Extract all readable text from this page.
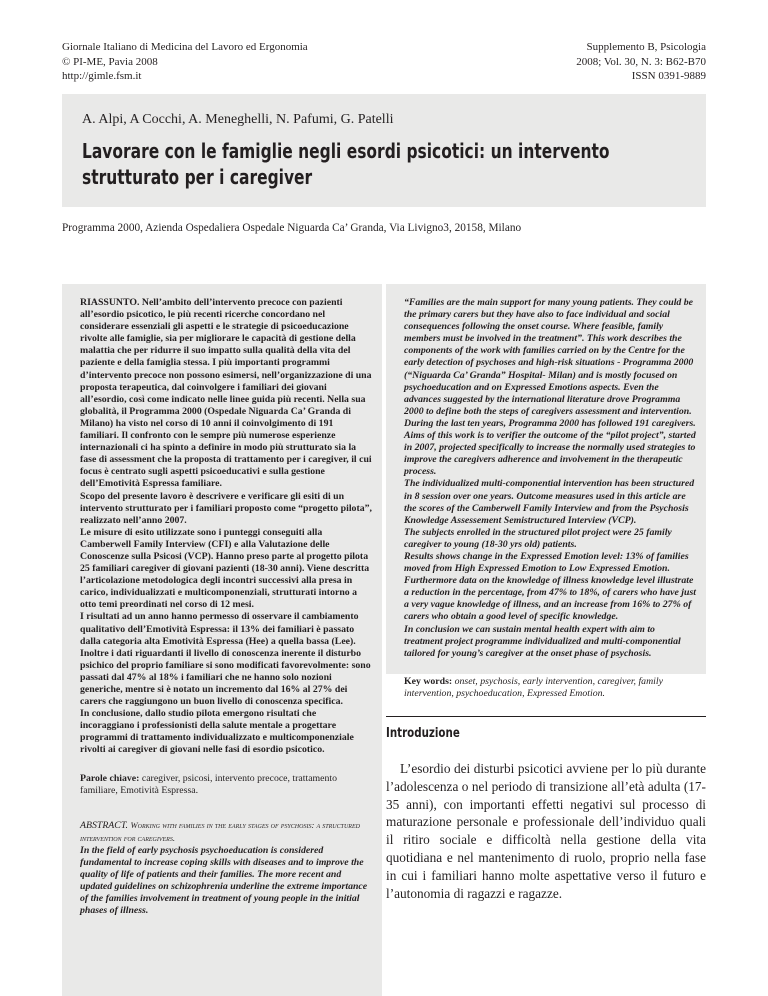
Giornale Italiano di Medicina del Lavoro ed Ergonomia
© PI-ME, Pavia 2008
http://gimle.fsm.it
Supplemento B, Psicologia
2008; Vol. 30, N. 3: B62-B70
ISSN 0391-9889
A. Alpi, A Cocchi, A. Meneghelli, N. Pafumi, G. Patelli
Lavorare con le famiglie negli esordi psicotici: un intervento strutturato per i caregiver
Programma 2000, Azienda Ospedaliera Ospedale Niguarda Ca’ Granda, Via Livigno3, 20158, Milano

RIASSUNTO. Nell’ambito dell’intervento precoce con pazienti all’esordio psicotico, le più recenti ricerche concordano nel considerare essenziali gli aspetti e le strategie di psicoeducazione rivolte alle famiglie, sia per migliorare le capacità di gestione della malattia che per ridurre il suo impatto sulla qualità della vita del paziente e della famiglia stessa. I più importanti programmi d’intervento precoce non possono esimersi, nell’organizzazione di una proposta terapeutica, dal coinvolgere i familiari dei giovani all’esordio, così come indicato nelle linee guida più recenti. Nella sua globalità, il Programma 2000 (Ospedale Niguarda Ca’ Granda di Milano) ha visto nel corso di 10 anni il coinvolgimento di 191 familiari. Il confronto con le sempre più numerose esperienze internazionali ci ha spinto a definire in modo più strutturato sia la fase di assessment che la proposta di trattamento per i caregiver, il cui focus è centrato sugli aspetti psicoeducativi e sulla gestione dell’Emotività Espressa familiare.

Scopo del presente lavoro è descrivere e verificare gli esiti di un intervento strutturato per i familiari proposto come “progetto pilota”, realizzato nell’anno 2007.

Le misure di esito utilizzate sono i punteggi conseguiti alla Camberwell Family Interview (CFI) e alla Valutazione delle Conoscenze sulla Psicosi (VCP). Hanno preso parte al progetto pilota 25 familiari caregiver di giovani pazienti (18-30 anni). Viene descritta l’articolazione metodologica degli incontri successivi alla presa in carico, individualizzati e multicomponenziali, strutturati intorno a otto temi preordinati nel corso di 12 mesi.

I risultati ad un anno hanno permesso di osservare il cambiamento qualitativo dell’Emotività Espressa: il 13% dei familiari è passato dalla categoria alta Emotività Espressa (Hee) a quella bassa (Lee). Inoltre i dati riguardanti il livello di conoscenza inerente il disturbo psichico del proprio familiare si sono modificati favorevolmente: sono passati dal 47% al 18% i familiari che ne hanno solo nozioni generiche, mentre si è notato un incremento dal 16% al 27% dei carers che raggiungono un buon livello di conoscenza specifica.

In conclusione, dallo studio pilota emergono risultati che incoraggiano i professionisti della salute mentale a progettare programmi di trattamento individualizzato e multicomponenziale rivolti ai caregiver di giovani nelle fasi di esordio psicotico.

Parole chiave: caregiver, psicosi, intervento precoce, trattamento familiare, Emotività Espressa.

ABSTRACT. Working with families in the early stages of psychosis: a structured intervention for caregivers.

In the field of early psychosis psychoeducation is considered fundamental to increase coping skills with diseases and to improve the quality of life of patients and their families. The more recent and updated guidelines on schizophrenia underline the extreme importance of the families involvement in treatment of young people in the initial phases of illness.

“Families are the main support for many young patients. They could be the primary carers but they have also to face individual and social consequences following the onset course. Where feasible, family members must be involved in the treatment”. This work describes the components of the work with families carried on by the Centre for the early detection of psychoses and high-risk situations - Programma 2000 (“Niguarda Ca’ Granda” Hospital- Milan) and is mostly focused on psychoeducation and on Expressed Emotions aspects. Even the advances suggested by the international literature drove Programma 2000 to define both the steps of caregivers assessment and intervention. During the last ten years, Programma 2000 has followed 191 caregivers.

Aims of this work is to verifier the outcome of the “pilot project”, started in 2007, projected specifically to increase the normally used strategies to improve the caregivers adherence and involvement in the therapeutic process.

The individualized multi-componential intervention has been structured in 8 session over one years. Outcome measures used in this article are the scores of the Camberwell Family Interview and from the Psychosis Knowledge Assessement Semistructured Interview (VCP).

The subjects enrolled in the structured pilot project were 25 family caregiver to young (18-30 yrs old) patients.

Results shows change in the Expressed Emotion level: 13% of families moved from High Expressed Emotion to Low Expressed Emotion. Furthermore data on the knowledge of illness knowledge level illustrate a reduction in the percentage, from 47% to 18%, of carers who have just a very vague knowledge of illness, and an increase from 16% to 27% of carers who obtain a good level of specific knowledge.

In conclusion we can sustain mental health expert with aim to treatment project programme individualized and multi-componential tailored for young’s caregiver at the onset phase of psychosis.

Key words: onset, psychosis, early intervention, caregiver, family intervention, psychoeducation, Expressed Emotion.

Introduzione
L’esordio dei disturbi psicotici avviene per lo più durante l’adolescenza o nel periodo di transizione all’età adulta (17-35 anni), con importanti effetti negativi sul processo di maturazione personale e professionale dell’individuo quali il ritiro sociale e difficoltà nella gestione della vita quotidiana e nel mantenimento di ruolo, proprio nella fase in cui i familiari hanno molte aspettative verso il futuro e l’autonomia di ragazzi e ragazze.
